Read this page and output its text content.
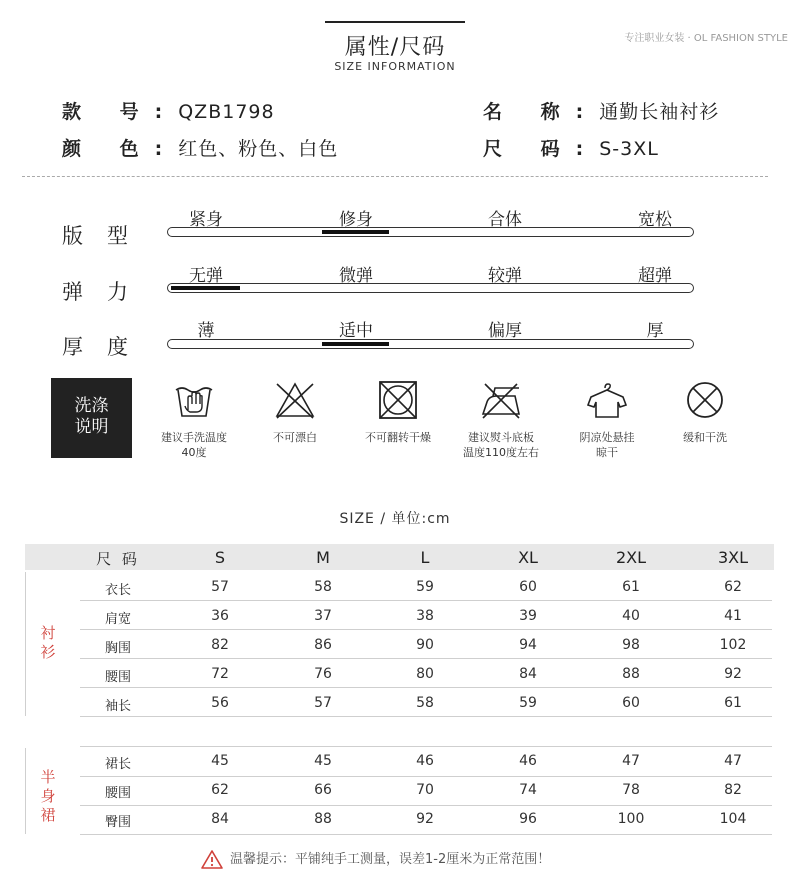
属性/尺码
SIZE INFORMATION
专注职业女装 · OL FASHION STYLE
款 号:QZB1798	名 称:通勤长袖衬衫
颜 色:红色、粉色、白色	尺 码:S-3XL
版型
紧身	修身	合体	宽松
弹力
无弹	微弹	较弹	超弹
厚度
薄	适中	偏厚	厚
洗涤
说明
建议手洗温度
40度
不可漂白	不可翻转干燥	建议熨斗底板
温度110度左右
阴凉处悬挂
晾干
缓和干洗
SIZE / 单位:cm
尺 码	S	M	L	XL	2XL	3XL
衬
衫
半
身
裙
衣长	57	58	59	60	61	62
肩宽	36	37	38	39	40	41
胸围	82	86	90	94	98	102
腰围	72	76	80	84	88	92
袖长	56	57	58	59	60	61
裙长	45	45	46	46	47	47
腰围	62	66	70	74	78	82
臀围	84	88	92	96	100	104
温馨提示：平铺纯手工测量，误差1-2厘米为正常范围！
